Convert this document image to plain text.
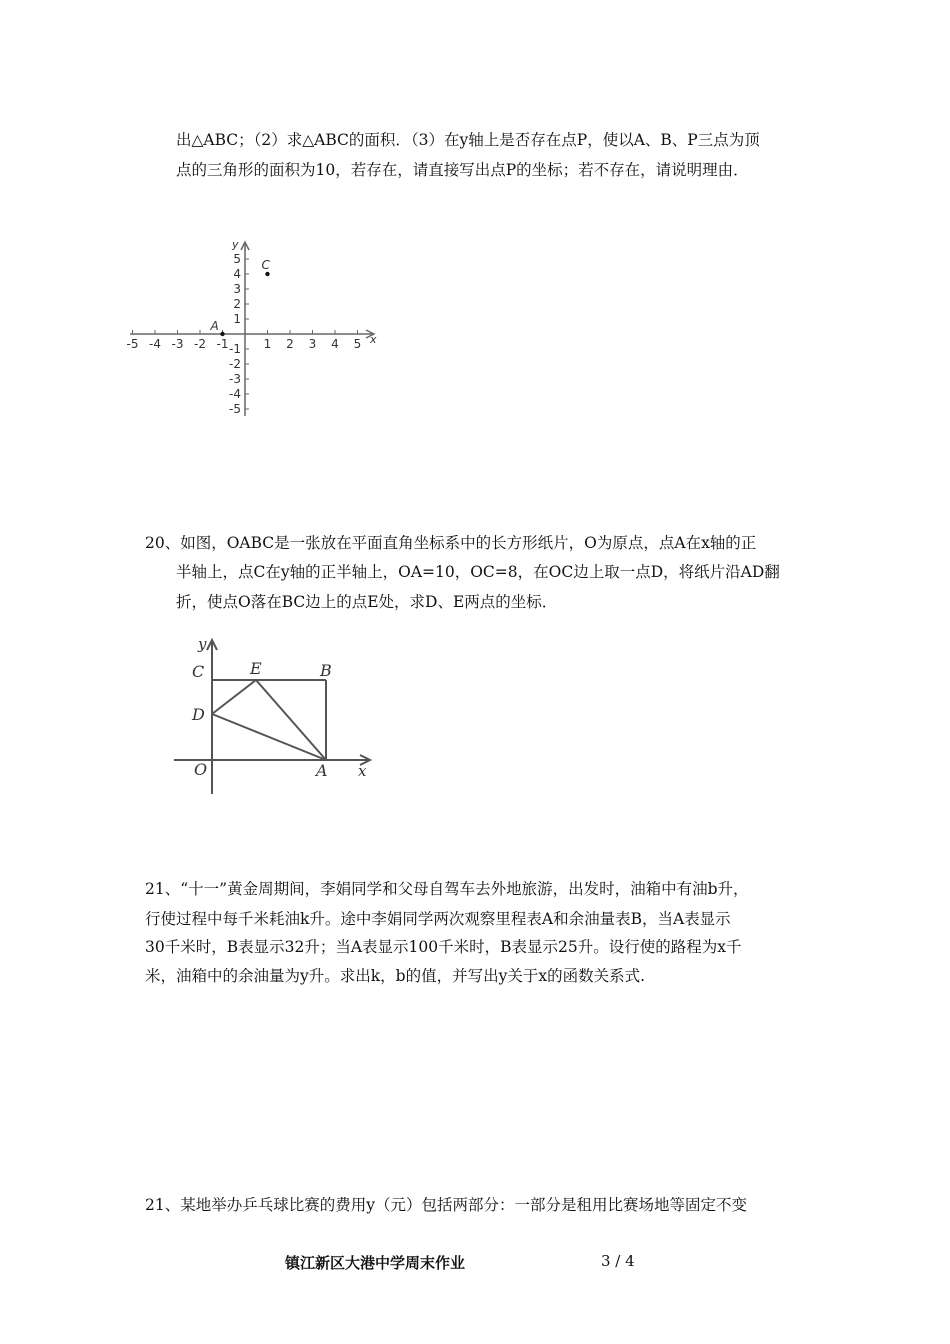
出△ABC；（2）求△ABC的面积．（3）在y轴上是否存在点P，使以A、B、P三点为顶
点的三角形的面积为10，若存在，请直接写出点P的坐标；若不存在，请说明理由．
-5 -4 -3 -2 -1	1 2 3 4 5
5
4
3
2
1
-1
-2
-3
-4
-5
x
y
A
C
20、如图，OABC是一张放在平面直角坐标系中的长方形纸片，O为原点，点A在x轴的正
半轴上，点C在y轴的正半轴上，OA=10，OC=8，在OC边上取一点D，将纸片沿AD翻
折，使点O落在BC边上的点E处，求D、E两点的坐标．
y
C	E	B
D
O	A x
21、“十一”黄金周期间，李娟同学和父母自驾车去外地旅游，出发时，油箱中有油b升，
行使过程中每千米耗油k升。途中李娟同学两次观察里程表A和余油量表B，当A表显示
30千米时，B表显示32升；当A表显示100千米时，B表显示25升。设行使的路程为x千
米，油箱中的余油量为y升。求出k，b的值，并写出y关于x的函数关系式.
21、某地举办乒乓球比赛的费用y（元）包括两部分：一部分是租用比赛场地等固定不变
镇江新区大港中学周末作业	3 / 4
